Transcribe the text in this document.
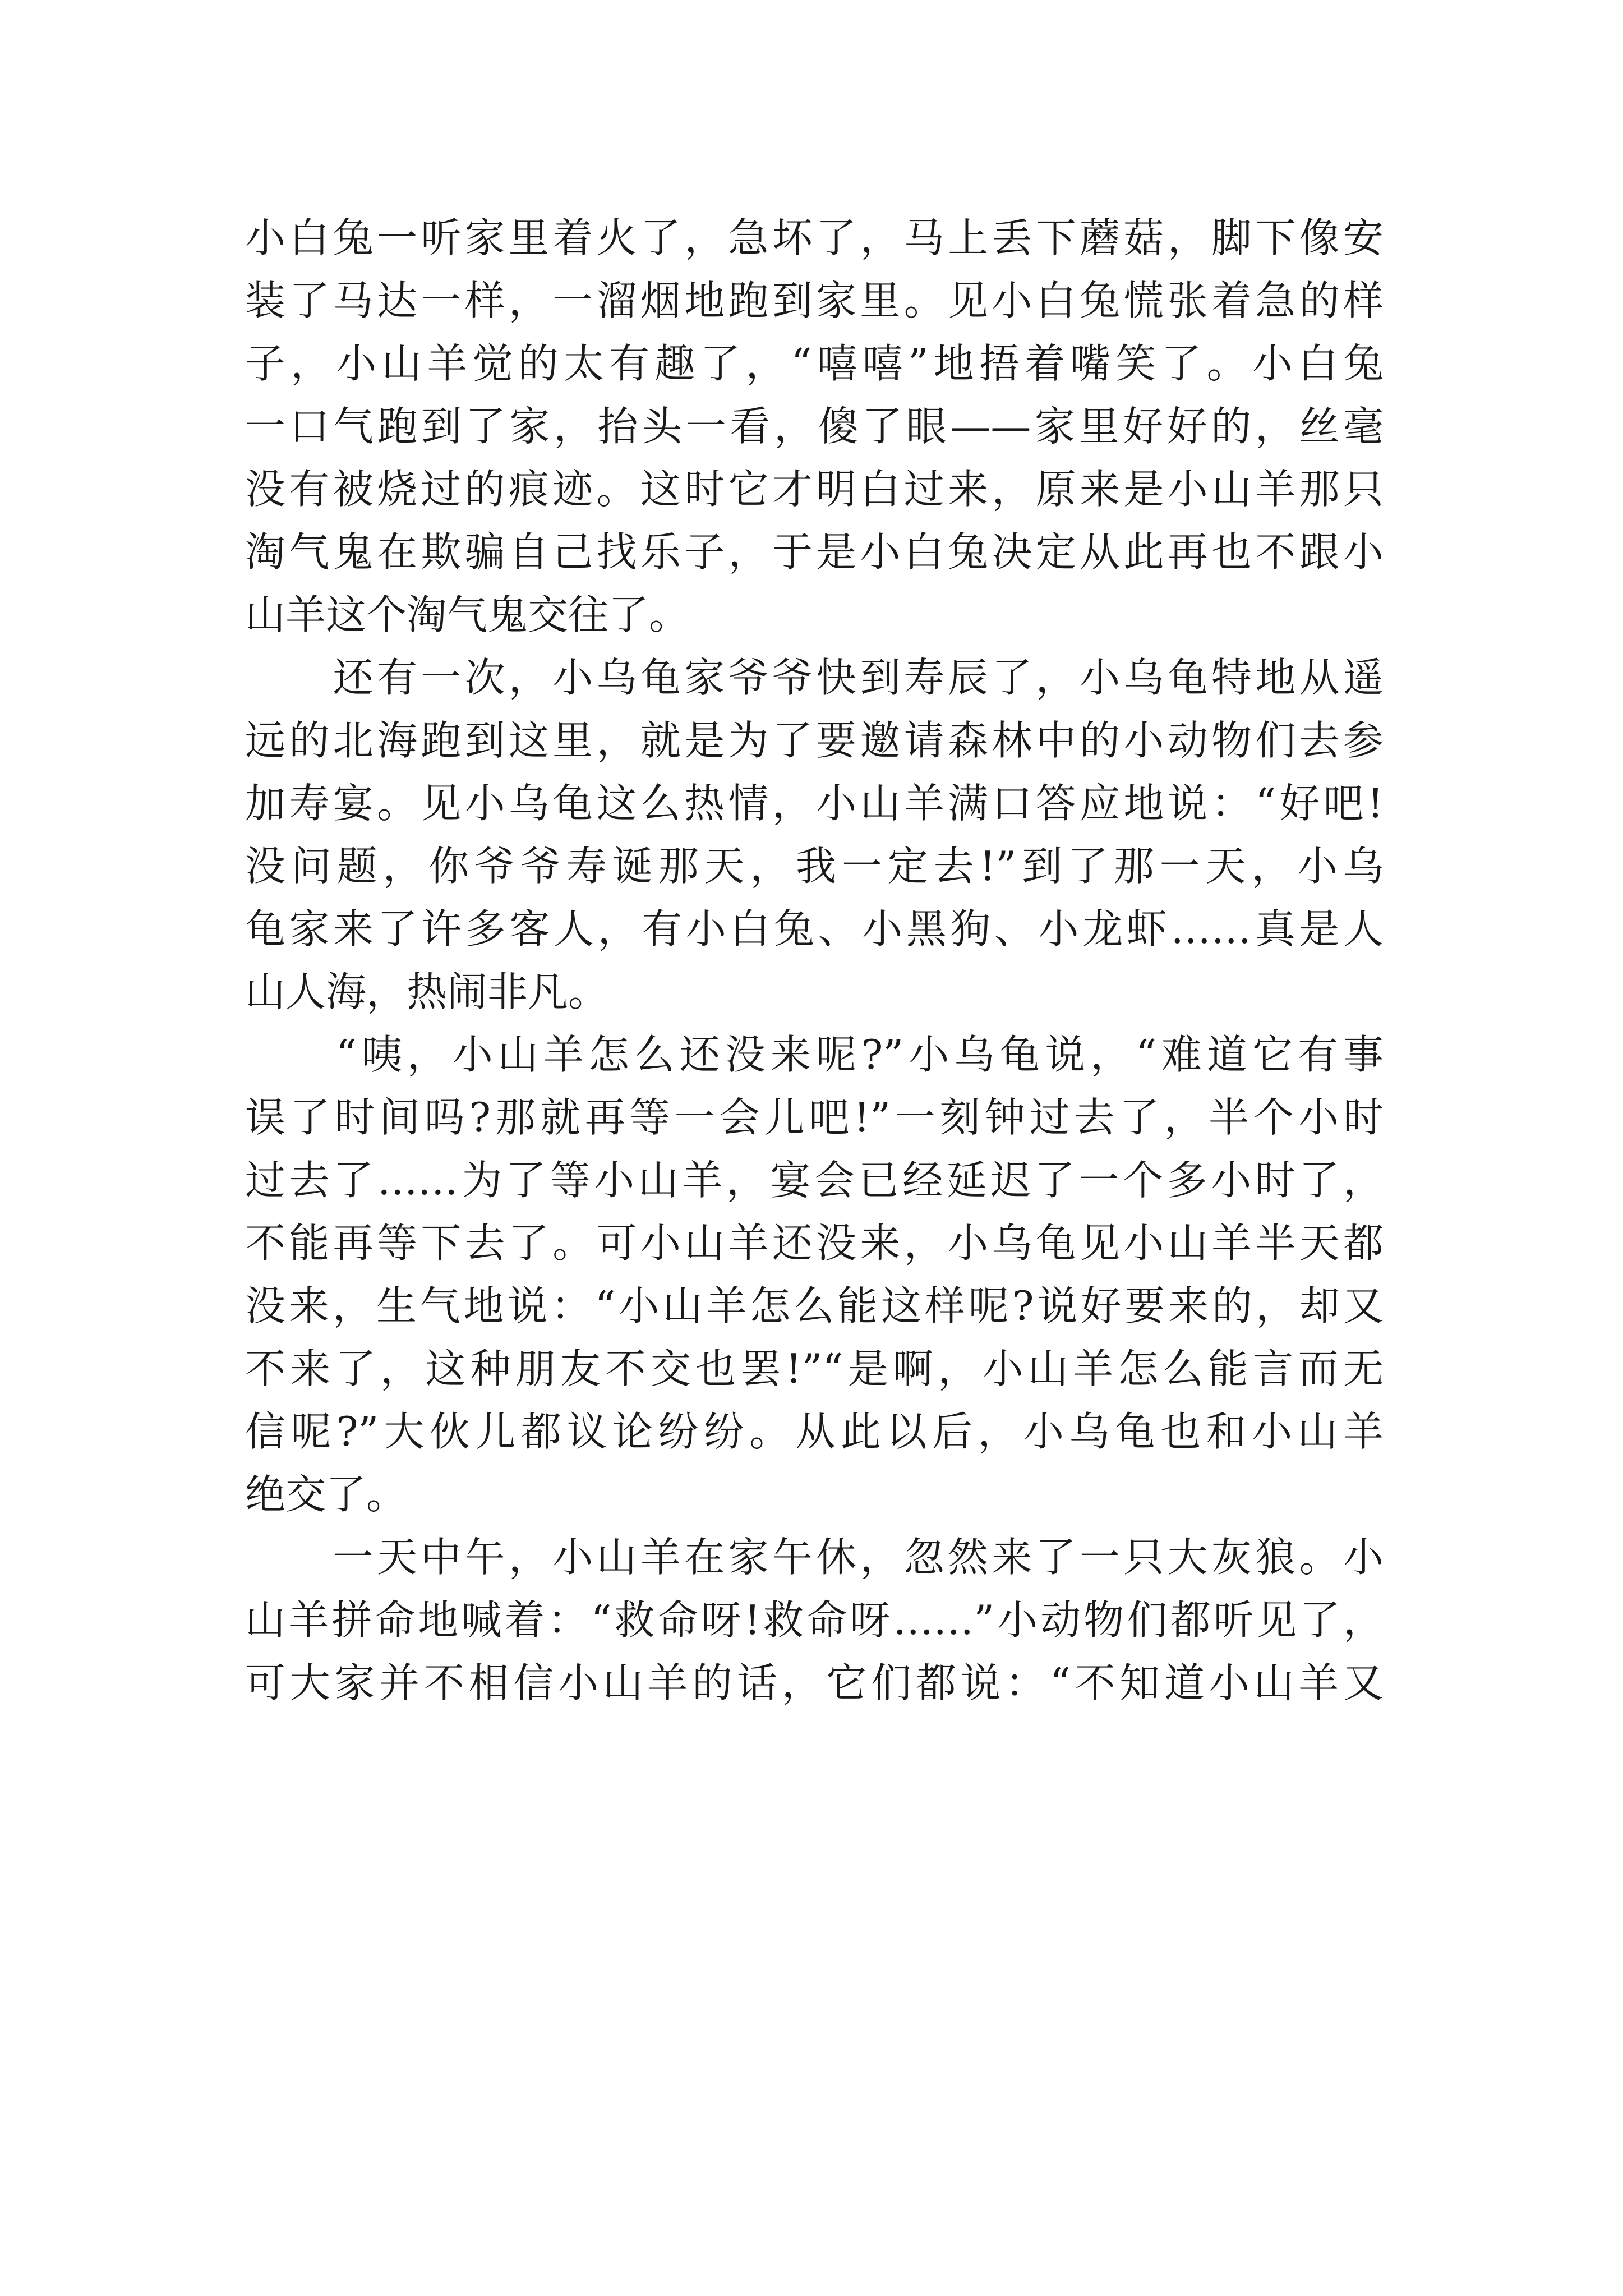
小白兔一听家里着火了，急坏了，马上丢下蘑菇，脚下像安
装了马达一样，一溜烟地跑到家里。见小白兔慌张着急的样
子，小山羊觉的太有趣了，“嘻嘻”地捂着嘴笑了。小白兔
一口气跑到了家，抬头一看，傻了眼——家里好好的，丝毫
没有被烧过的痕迹。这时它才明白过来，原来是小山羊那只
淘气鬼在欺骗自己找乐子，于是小白兔决定从此再也不跟小
山羊这个淘气鬼交往了。
　　还有一次，小乌龟家爷爷快到寿辰了，小乌龟特地从遥
远的北海跑到这里，就是为了要邀请森林中的小动物们去参
加寿宴。见小乌龟这么热情，小山羊满口答应地说：“好吧!
没问题，你爷爷寿诞那天，我一定去!”到了那一天，小乌
龟家来了许多客人，有小白兔、小黑狗、小龙虾……真是人
山人海，热闹非凡。
　　“咦，小山羊怎么还没来呢?”小乌龟说，“难道它有事
误了时间吗?那就再等一会儿吧!”一刻钟过去了，半个小时
过去了……为了等小山羊，宴会已经延迟了一个多小时了，
不能再等下去了。可小山羊还没来，小乌龟见小山羊半天都
没来，生气地说：“小山羊怎么能这样呢?说好要来的，却又
不来了，这种朋友不交也罢!”“是啊，小山羊怎么能言而无
信呢?”大伙儿都议论纷纷。从此以后，小乌龟也和小山羊
绝交了。
　　一天中午，小山羊在家午休，忽然来了一只大灰狼。小
山羊拼命地喊着：“救命呀!救命呀……”小动物们都听见了，
可大家并不相信小山羊的话，它们都说：“不知道小山羊又
